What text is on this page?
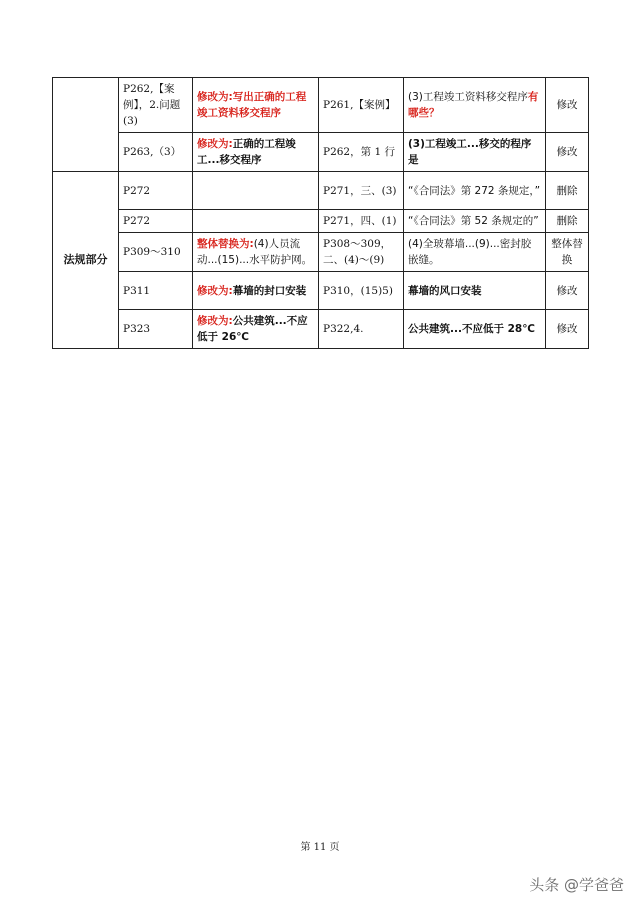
	P262,【案例】，2.问题(3)	修改为:写出正确的工程竣工资料移交程序	P261,【案例】	(3)工程竣工资料移交程序有哪些？	修改
	P263,（3）	修改为:正确的工程竣工...移交程序	P262，第 1 行	(3)工程竣工...移交的程序是	修改
法规部分	P272		P271，三、(3)	“《合同法》第 272 条规定，”	删除
	P272		P271，四、(1)	“《合同法》第 52 条规定的”	删除
	P309～310	整体替换为:(4)人员流动...(15)...水平防护网。	P308～309，二、(4)～(9)	(4)全玻幕墙...(9)...密封胶嵌缝。	整体替换
	P311	修改为:幕墙的封口安装	P310，(15)5)	幕墙的风口安装	修改
	P323	修改为:公共建筑...不应低于 26℃	P322,4.	公共建筑...不应低于 28℃	修改
第 11 页
头条 @学爸爸
